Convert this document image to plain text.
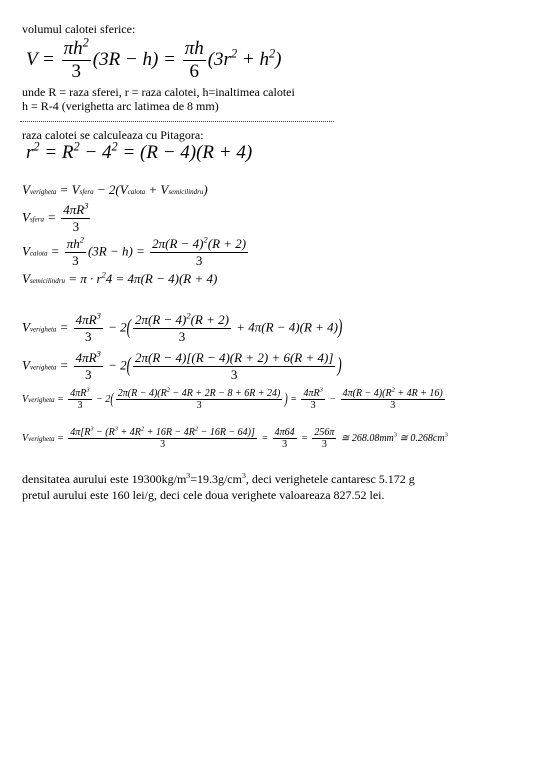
volumul calotei sferice:
$V = \frac{\pi h^2}{3} (3R - h) = \frac{\pi h}{6} (3r^2 + h^2)$
unde R = raza sferei, r = raza calotei, h=inaltimea calotei
h = R-4 (verighetta arc latimea de 8 mm)
raza calotei se calculeaza cu Pitagora:
$r^2 = R^2 - 4^2 = (R - 4)(R + 4)$
Vverigheta = Vsfera − 2(Vcalota + Vsemicilindru)
Vsfera = $\frac{4\pi R^3}{3}$
Vcalota = $\frac{\pi h^2}{3} (3R - h) = \frac{2\pi(R - 4)^2(R + 2)}{3}$
Vsemicilindru = $\pi \cdot r^24 = 4\pi(R - 4)(R + 4)$
Vverigheta = $\frac{4\pi R^3}{3} - 2( \frac{2\pi(R - 4)^2(R + 2)}{3} + 4\pi(R - 4)(R + 4))$
Vverigheta = $\frac{4\pi R^3}{3} - 2( \frac{2\pi(R - 4)[(R - 4)(R + 2) + 6(R + 4)]}{3}$ )
Vverigheta = $\frac{4\pi R^3}{3} - 2( \frac{2\pi(R - 4)(R^2 - 4R + 2R - 8 + 6R + 24)}{3}$ ) = $\frac{4\pi R^3}{3} - \frac{4\pi(R - 4)(R^2 + 4R + 16)}{3}$
Vverigheta = $\frac{4\pi[R^3 - (R^3 + 4R^2 + 16R - 4R^2 - 16R - 64)]}{3} = \frac{4\pi 64}{3} = \frac{256\pi}{3}$ ≅ $268.08mm^3$ ≅ $0.268cm^3$
densitatea aurului este $19300kg/m^3=19.3g/cm^3$, deci verighetele cantaresc 5.172 g
pretul aurului este 160 lei/g, deci cele doua verighete valoareaza 827.52 lei.
